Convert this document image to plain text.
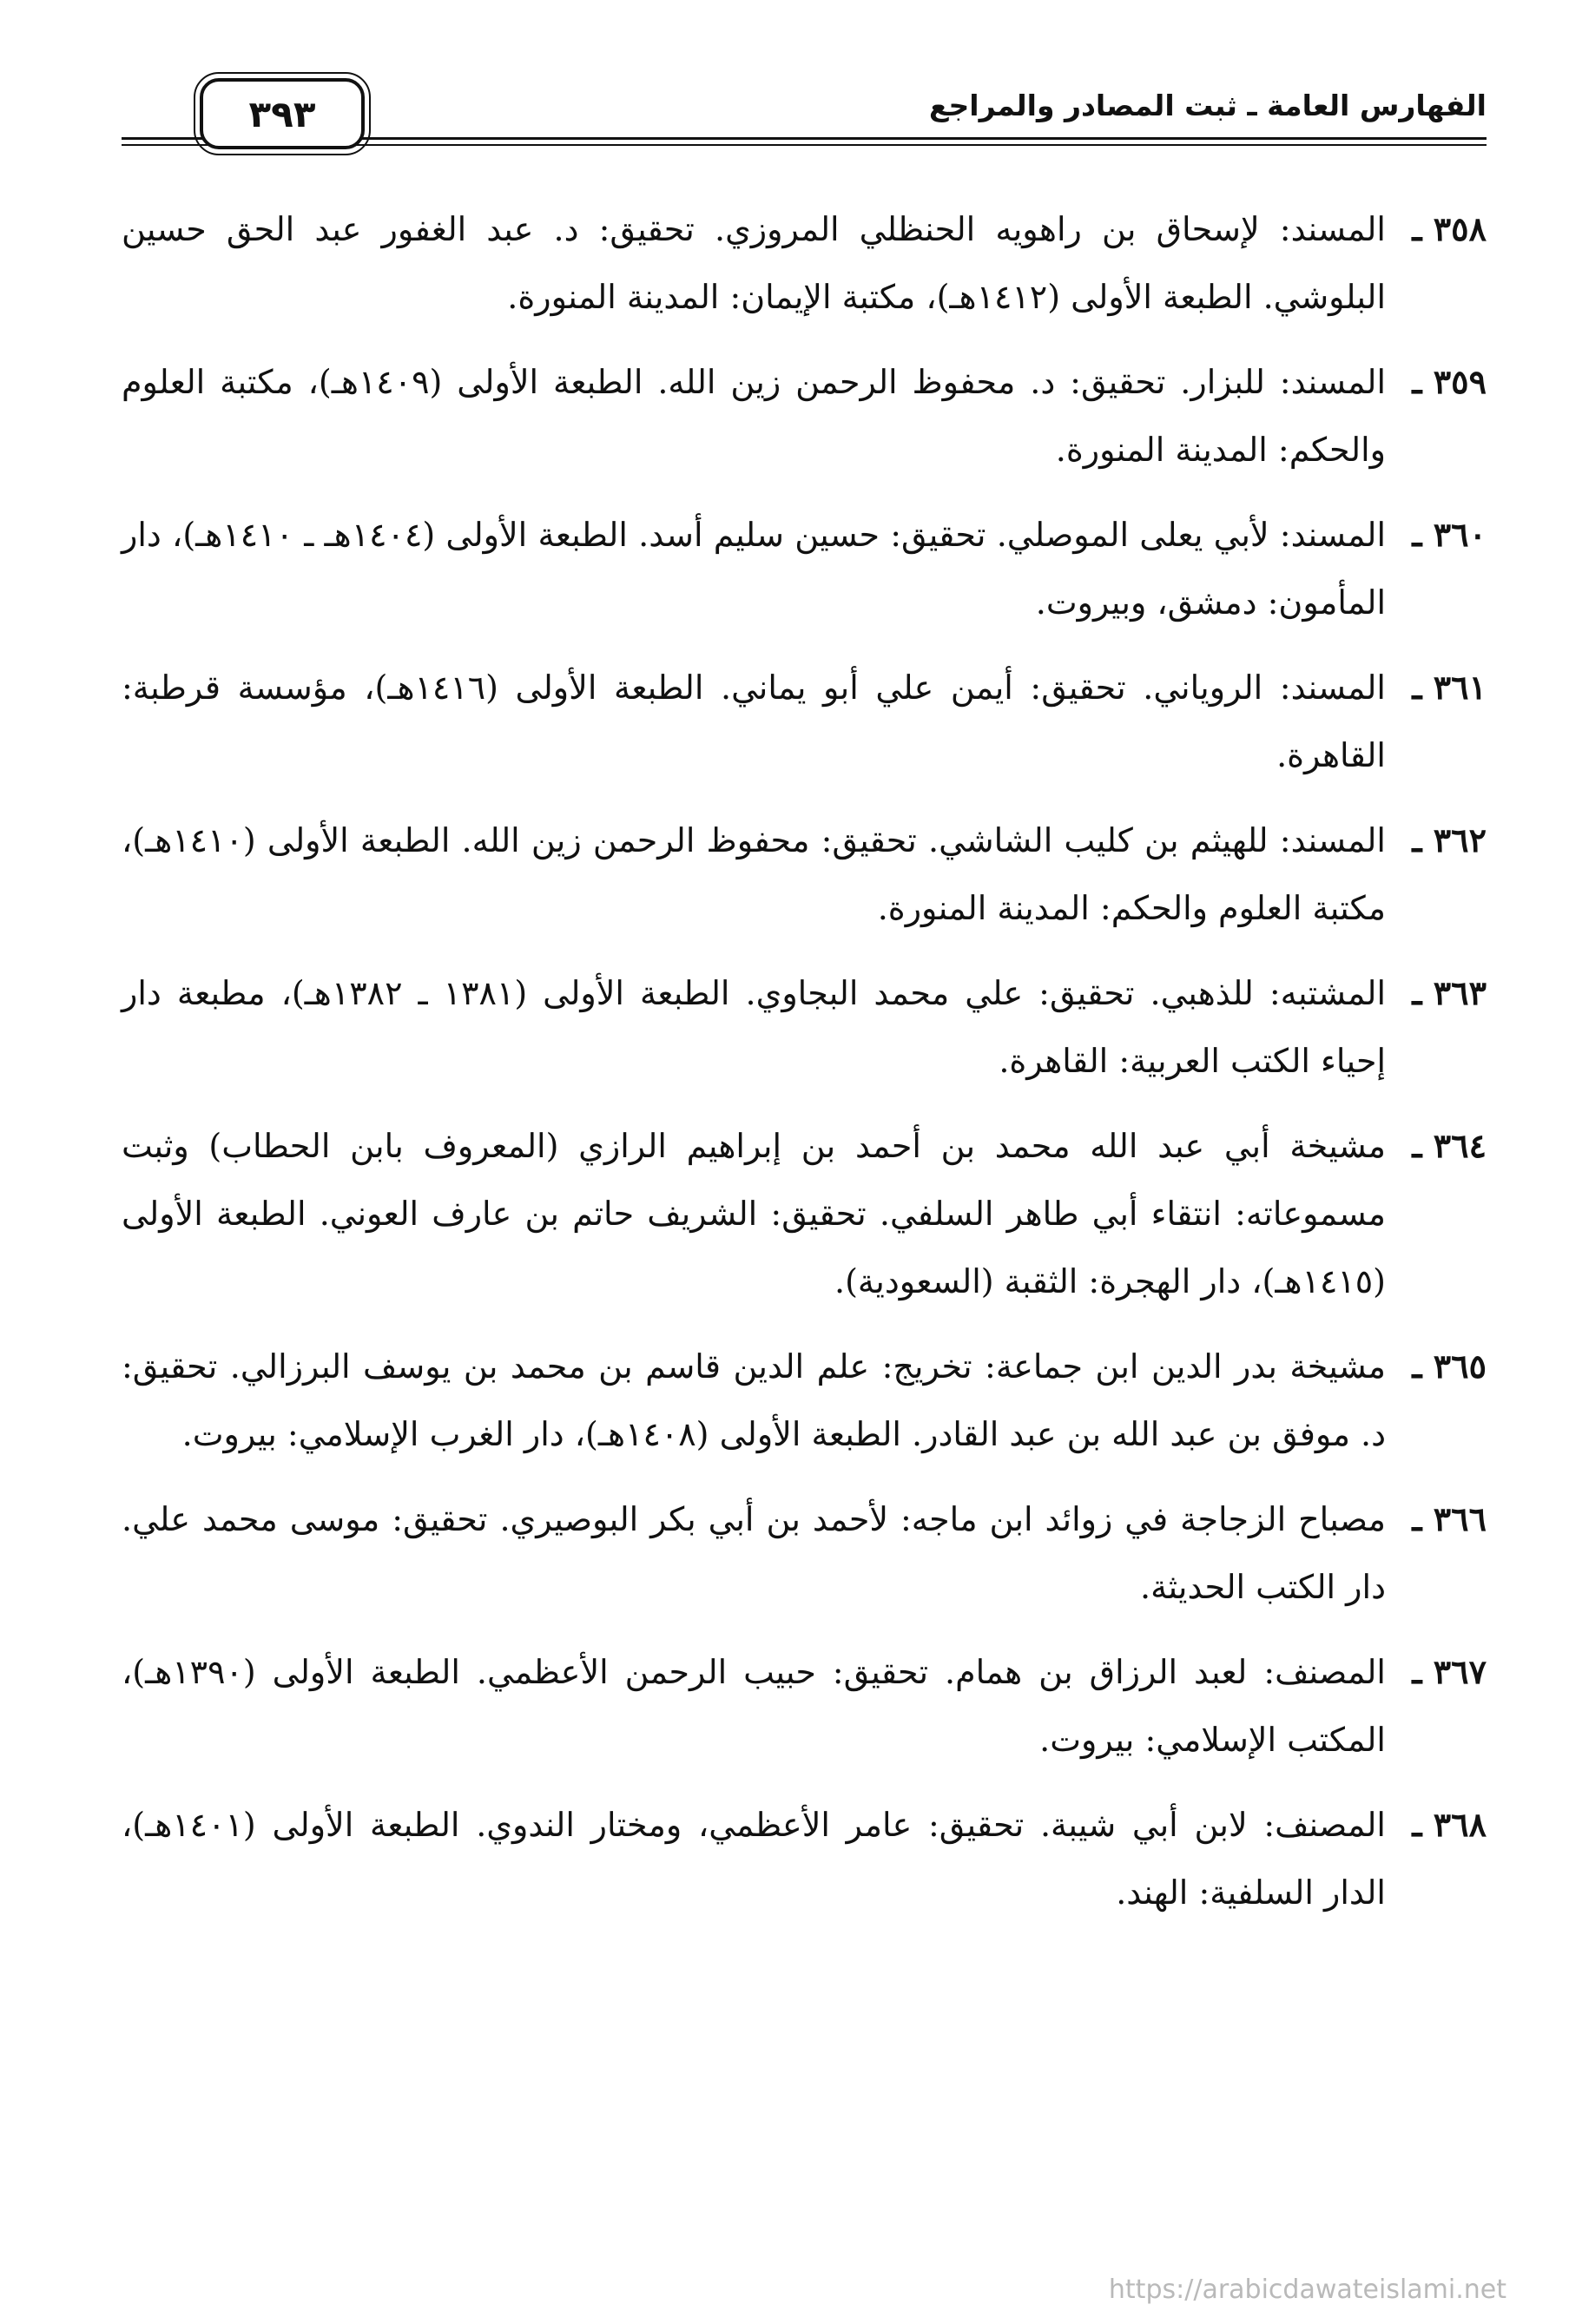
الفهارس العامة ـ ثبت المصادر والمراجع
٣٩٣
٣٥٨ ـ
المسند: لإسحاق بن راهويه الحنظلي المروزي. تحقيق: د. عبد الغفور عبد الحق حسين البلوشي. الطبعة الأولى (١٤١٢هـ)، مكتبة الإيمان: المدينة المنورة.
٣٥٩ ـ
المسند: للبزار. تحقيق: د. محفوظ الرحمن زين الله. الطبعة الأولى (١٤٠٩هـ)، مكتبة العلوم والحكم: المدينة المنورة.
٣٦٠ ـ
المسند: لأبي يعلى الموصلي. تحقيق: حسين سليم أسد. الطبعة الأولى (١٤٠٤هـ ـ ١٤١٠هـ)، دار المأمون: دمشق، وبيروت.
٣٦١ ـ
المسند: الروياني. تحقيق: أيمن علي أبو يماني. الطبعة الأولى (١٤١٦هـ)، مؤسسة قرطبة: القاهرة.
٣٦٢ ـ
المسند: للهيثم بن كليب الشاشي. تحقيق: محفوظ الرحمن زين الله. الطبعة الأولى (١٤١٠هـ)، مكتبة العلوم والحكم: المدينة المنورة.
٣٦٣ ـ
المشتبه: للذهبي. تحقيق: علي محمد البجاوي. الطبعة الأولى (١٣٨١ ـ ١٣٨٢هـ)، مطبعة دار إحياء الكتب العربية: القاهرة.
٣٦٤ ـ
مشيخة أبي عبد الله محمد بن أحمد بن إبراهيم الرازي (المعروف بابن الحطاب) وثبت مسموعاته: انتقاء أبي طاهر السلفي. تحقيق: الشريف حاتم بن عارف العوني. الطبعة الأولى (١٤١٥هـ)، دار الهجرة: الثقبة (السعودية).
٣٦٥ ـ
مشيخة بدر الدين ابن جماعة: تخريج: علم الدين قاسم بن محمد بن يوسف البرزالي. تحقيق: د. موفق بن عبد الله بن عبد القادر. الطبعة الأولى (١٤٠٨هـ)، دار الغرب الإسلامي: بيروت.
٣٦٦ ـ
مصباح الزجاجة في زوائد ابن ماجه: لأحمد بن أبي بكر البوصيري. تحقيق: موسى محمد علي. دار الكتب الحديثة.
٣٦٧ ـ
المصنف: لعبد الرزاق بن همام. تحقيق: حبيب الرحمن الأعظمي. الطبعة الأولى (١٣٩٠هـ)، المكتب الإسلامي: بيروت.
٣٦٨ ـ
المصنف: لابن أبي شيبة. تحقيق: عامر الأعظمي، ومختار الندوي. الطبعة الأولى (١٤٠١هـ)، الدار السلفية: الهند.
https://arabicdawateislami.net
